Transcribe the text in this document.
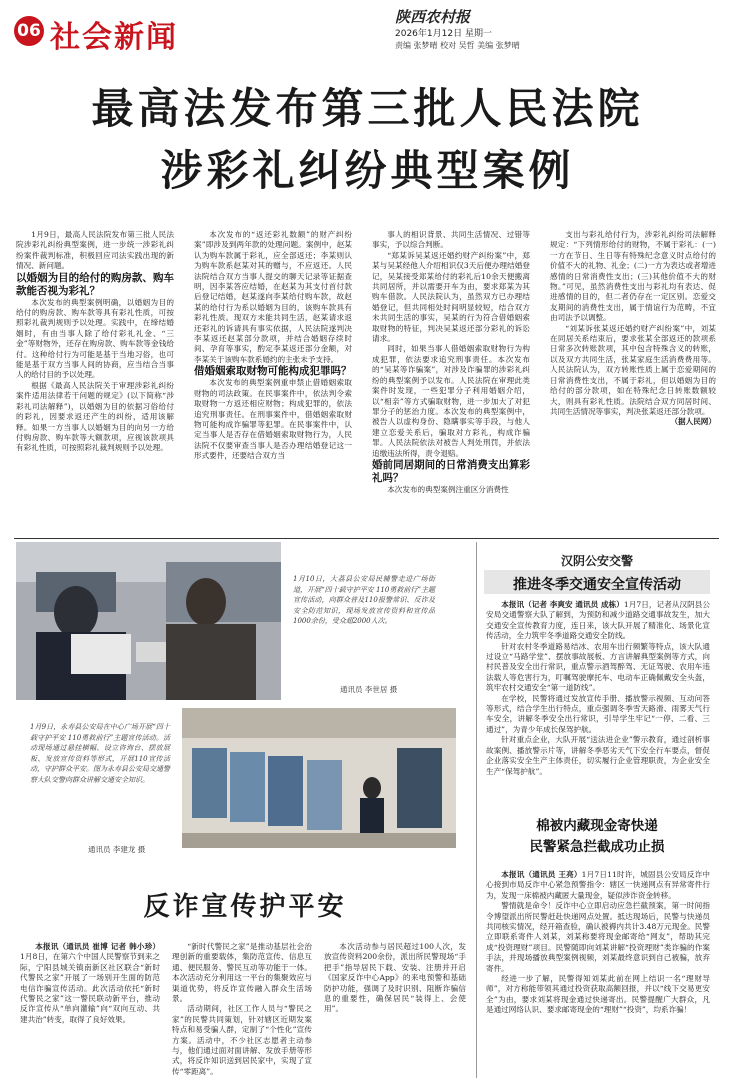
06 社会新闻
陕西农村报
2026年1月12日 星期一
责编 张梦晴 校对 吴哲 美编 张梦晴
最高法发布第三批人民法院
涉彩礼纠纷典型案例

1月9日，最高人民法院发布第三批人民法院涉彩礼纠纷典型案例，进一步统一涉彩礼纠纷案件裁判标准，积极回应司法实践出现的新情况、新问题。

以婚姻为目的给付的购房款、购车款能否视为彩礼？

本次发布的典型案例明确，以婚姻为目的给付的购房款、购车款等具有彩礼性质，可按照彩礼裁判规则予以处理。实践中，在缔结婚姻时，有由当事人除了给付彩礼礼金、“三金”等财物外，还存在购房款、购车款等金钱给付。这种给付行为可能是基于当地习俗，也可能是基于双方当事人间的协商，应当结合当事人的给付目的予以处理。

根据《最高人民法院关于审理涉彩礼纠纷案件适用法律若干问题的规定》(以下简称“涉彩礼司法解释”)，以婚姻为目的依据习俗给付的彩礼，因要求返还产生的纠纷，适用该解释。如果一方当事人以婚姻为目的向另一方给付购房款、购车款等大额款项，应视该款项具有彩礼性质，可按照彩礼裁判规则予以处理。

本次发布的“返还彩礼数额”的财产纠纷案”即涉及到两年款的处理问题。案例中，赵某认为购车款属于彩礼，应全部返还；李某则认为购车款系赵某对其的赠与，不应返还。人民法院结合双方当事人提交的聊天记录等证据查明，因李某答应结婚，在赵某为其支付首付款后登记结婚，赵某遂向李某给付购车款，故赵某的给付行为系以婚姻为目的，该购车款具有彩礼性质。现双方未能共同生活，赵某请求返还彩礼的诉请具有事实依据，人民法院遂判决李某返还赵某部分款项，并结合婚姻存续时间、孕育等事实，酌定李某返还部分金额，对李某关于该购车款系婚约的主张未予支持。

借婚姻索取财物可能构成犯罪吗？

本次发布的典型案例重申禁止借婚姻索取财物的司法政策。在民事案件中，依法判令索取财物一方返还相应财物；构成犯罪的，依法追究刑事责任。在刑事案件中，借婚姻索取财物可能构成诈骗罪等犯罪。在民事案件中，认定当事人是否存在借婚姻索取财物行为，人民法院不仅要审查当事人是否办理结婚登记这一形式要件，还要结合双方当

事人的相识背景、共同生活情况、过错等事实，予以综合判断。

“郑某诉吴某返还婚约财产纠纷案”中，郑某与吴某经他人介绍相识仅3天后便办理结婚登记，吴某接受郑某给付的彩礼后10余天便搬离共同居所，并以需要开车为由，要求郑某为其购车借款。人民法院认为，虽然双方已办理结婚登记，但共同相处时间明显较短，结合双方未共同生活的事实，吴某的行为符合借婚姻索取财物的特征，判决吴某返还部分彩礼的诉讼请求。

同时，如果当事人借婚姻索取财物行为构成犯罪，依法要求追究刑事责任。本次发布的“吴某等诈骗案”，对涉及诈骗罪的涉彩礼纠纷的典型案例予以发布。人民法院在审理此类案件时发现，一些犯罪分子利用婚姻介绍，以“相亲”等方式骗取财物，进一步加大了对犯罪分子的惩治力度。本次发布的典型案例中，被告人以虚构身份、隐瞒事实等手段，与他人建立恋爱关系后，骗取对方彩礼，构成诈骗罪。人民法院依法对被告人判处刑罚，并依法追缴违法所得，责令退赔。

婚前同居期间的日常消费支出算彩礼吗？

本次发布的典型案例注重区分消费性

支出与彩礼给付行为，涉彩礼纠纷司法解释规定：“下列情形给付的财物，不属于彩礼：(一)一方在节日、生日等有特殊纪念意义时点给付的价值不大的礼物、礼金；(二)一方为表达或者增进感情的日常消费性支出；(三)其他价值不大的财物。”可见，虽然消费性支出与彩礼均有表达、促进感情的目的，但二者仍存在一定区别。恋爱交友期间的消费性支出，属于情谊行为范畴，不宜由司法予以调整。

“刘某诉张某返还婚约财产纠纷案”中，刘某在同居关系结束后，要求张某全部返还的款项系日常多次转账款项，其中包含特殊含义的转账，以及双方共同生活，张某家庭生活消费费用等。人民法院认为，双方转账性质上属于恋爱期间的日常消费性支出，不属于彩礼，但以婚姻为目的给付的部分款项，如在特殊纪念日转账数额较大，则具有彩礼性质。法院结合双方同居时间、共同生活情况等事实，判决张某返还部分款项。

（据人民网）

1月10日，大荔县公安局民辅警走进广场街道，开展“四十载守护平安 110勇救前行”主题宣传活动，向群众普及110报警常识、反诈及安全防范知识，现场发放宣传资料和宣传品1000余份，受众超2000人次。
通讯员 李世居 摄
1月9日，永寿县公安局在中心广场开展“四十载守护平安 110勇救前行”主题宣传活动。活动现场通过悬挂横幅、设立咨询台、摆放展板、发放宣传资料等形式，开展110宣传活动，守护群众平安。图为永寿县公安局交通警察大队交警向群众讲解交通安全知识。
通讯员 李建龙 摄
汉阴公安交警
推进冬季交通安全宣传活动

本报讯（记者 李爽安 通讯员 成栋）1月7日，记者从汉阴县公安局交通警察大队了解到，为预防和减少道路交通事故发生，加大交通安全宣传教育力度，连日来，该大队开展了精准化、场景化宣传活动，全力筑牢冬季道路交通安全防线。

针对农村冬季道路易结冰、农用车出行频繁等特点，该大队通过设立“马路学堂”、摆放事故展板、方言讲解典型案例等方式，向村民普及安全出行常识，重点警示酒驾醉驾、无证驾驶、农用车违法载人等危害行为，叮嘱驾驶摩托车、电动车正确佩戴安全头盔，筑牢农村交通安全“第一道防线”。

在学校，民警将通过发放宣传手册、播放警示视频、互动问答等形式，结合学生出行特点，重点强调冬季雪天路滑、雨雾天气行车安全，讲解冬季安全出行常识，引导学生牢记“一停、二看、三通过”，为青少年成长保驾护航。

针对重点企业，大队开展“送法进企业”警示教育，通过剖析事故案例、播放警示片等，讲解冬季恶劣天气下安全行车要点，督促企业落实安全生产主体责任，切实履行企业管理职责，为企业安全生产“保驾护航”。

棉被内藏现金寄快递
民警紧急拦截成功止损

本报讯（通讯员 王亮）1月7日11时许，城固县公安局反诈中心接到市局反诈中心紧急预警指令：辖区一快递网点有异常寄件行为，发现一床棉被内藏匿大量现金，疑似涉诈资金转移。

警情就是命令！反诈中心立即启动应急拦截预案，第一时间指令博望派出所民警赶赴快递网点处置。抵达现场后，民警与快递员共同核实情况，经开箱查验，确认被褥内共计3.48万元现金。民警立即联系寄件人刘某，刘某称要将现金邮寄给“网友”，帮助其完成“投资理财”项目。民警随即向刘某讲解“投资理财”类诈骗的作案手法，并现场播放典型案例视频，刘某最终意识到自己被骗，放弃寄件。

经进一步了解，民警得知刘某此前在网上结识一名“理财导师”，对方称能带领其通过投资获取高额回报，并以“线下交易更安全”为由，要求刘某将现金通过快递寄出。民警提醒广大群众，凡是通过网络认识、要求邮寄现金的“理财”“投资”，均系诈骗！

反诈宣传护平安

本报讯（通讯员 崔博 记者 韩小珍）1月8日，在第六个中国人民警察节到来之际，宁阳县城关镇南新区社区联合“新时代警民之家”开展了一场别开生面的防范电信诈骗宣传活动。此次活动依托“新时代警民之家”这一警民联动新平台，推动反诈宣传从“单向灌输”向“双向互动、共建共治”转变，取得了良好效果。

“新时代警民之家”是推动基层社会治理创新的重要载体，集防范宣传、信息互通、便民服务、警民互动等功能于一体。本次活动充分利用这一平台的集聚效应与渠道优势，将反诈宣传融入群众生活场景。

活动期间，社区工作人员与“警民之家”的民警共同策划，针对辖区近期发案特点和易受骗人群，定制了“个性化”宣传方案。活动中，不少社区志愿者主动参与，他们通过面对面讲解、发放手册等形式，将反诈知识送到居民家中，实现了宣传“零距离”。

本次活动参与居民超过100人次，发放宣传资料200余份，派出所民警现场“手把手”指导居民下载、安装、注册并开启《国家反诈中心App》的来电预警和基础防护功能，强调了及时识别、阻断诈骗信息的重要性，确保居民“装得上、会使用”。
